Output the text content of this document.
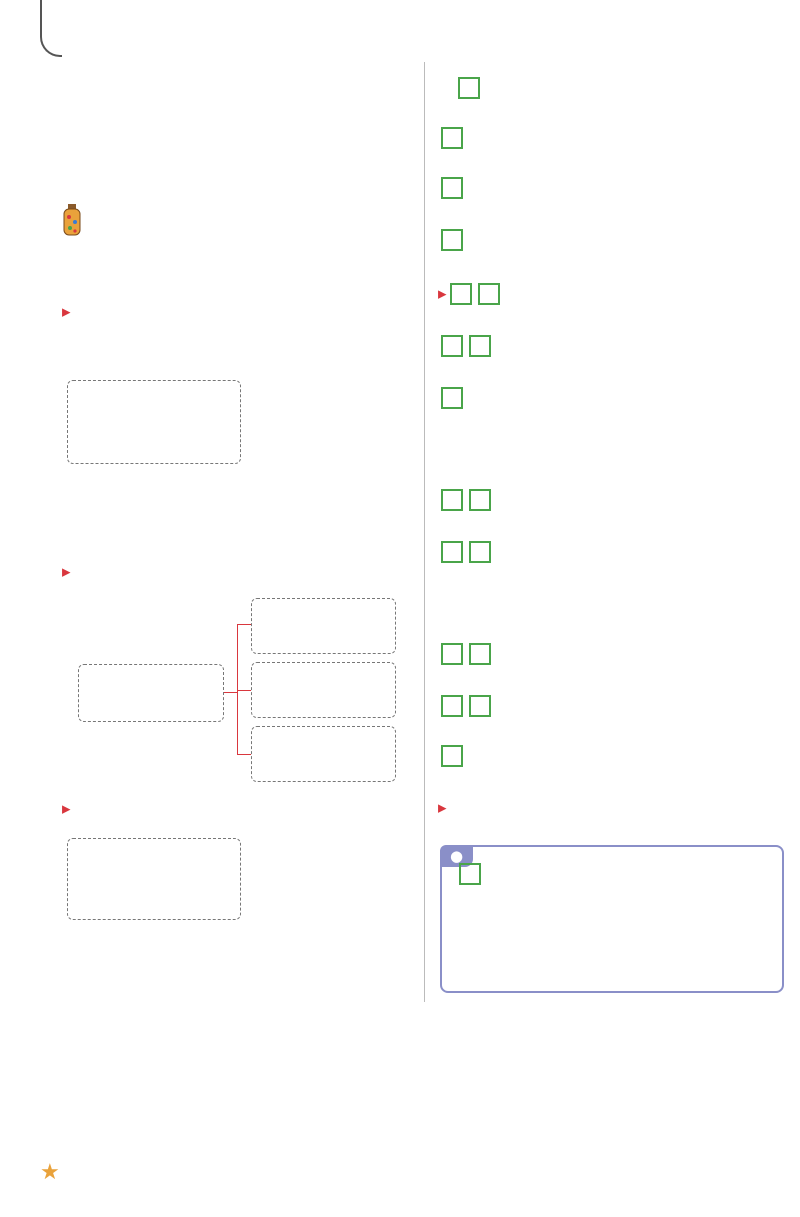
▸
▸
▸

▸
▸
●
★
